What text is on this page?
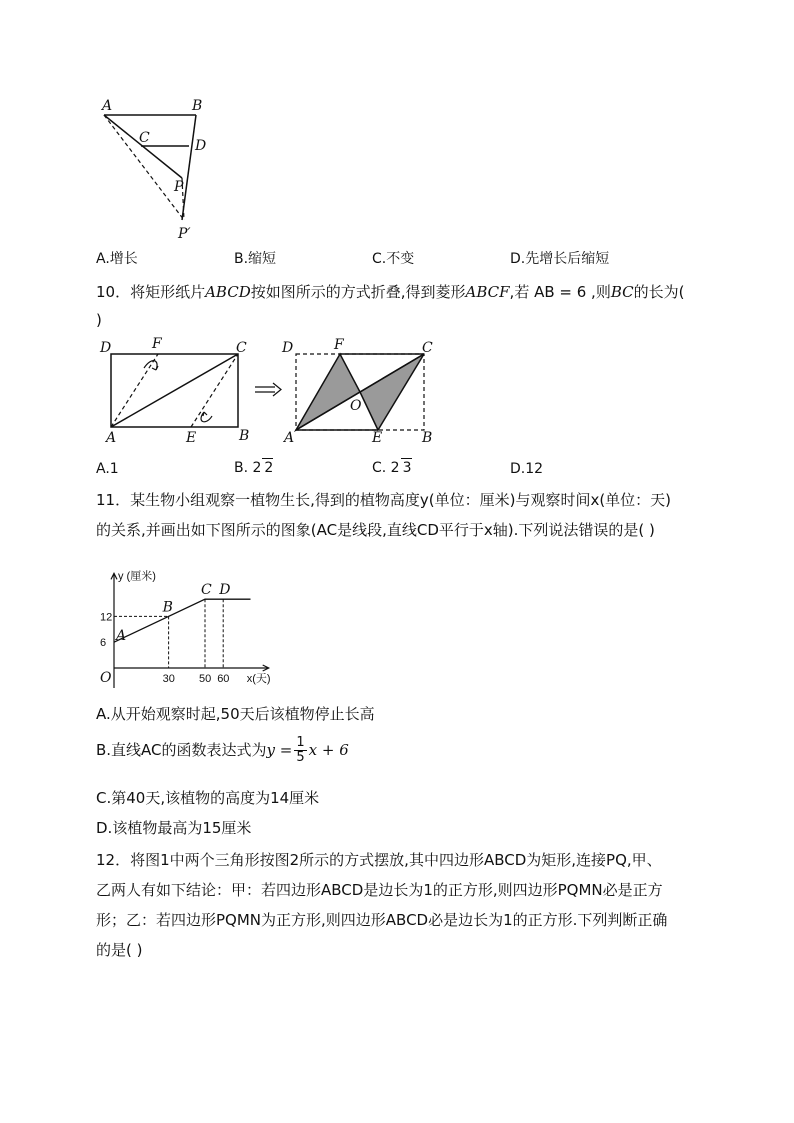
A	B
C	D
P
P′
A.增长	B.缩短	C.不变	D.先增长后缩短
10．将矩形纸片ABCD按如图所示的方式折叠,得到菱形ABCF,若 AB = 6 ,则BC的长为(
)
D	F	C
A	E	B
D	F	C
O
A	E	B
A.1	B. 2 2	C. 2 3	D.12
11．某生物小组观察一植物生长,得到的植物高度y(单位：厘米)与观察时间x(单位：天)
的关系,并画出如下图所示的图象(AC是线段,直线CD平行于x轴).下列说法错误的是( )
y (厘米)
x(天)
O	30 50 60
6
12
A
B
C D
A.从开始观察时起,50天后该植物停止长高
B.直线AC的函数表达式为$y = \frac{1}{5}$ x + 6
C.第40天,该植物的高度为14厘米
D.该植物最高为15厘米
12．将图1中两个三角形按图2所示的方式摆放,其中四边形ABCD为矩形,连接PQ,甲、
乙两人有如下结论：甲：若四边形ABCD是边长为1的正方形,则四边形PQMN必是正方
形；乙：若四边形PQMN为正方形,则四边形ABCD必是边长为1的正方形.下列判断正确
的是( )
